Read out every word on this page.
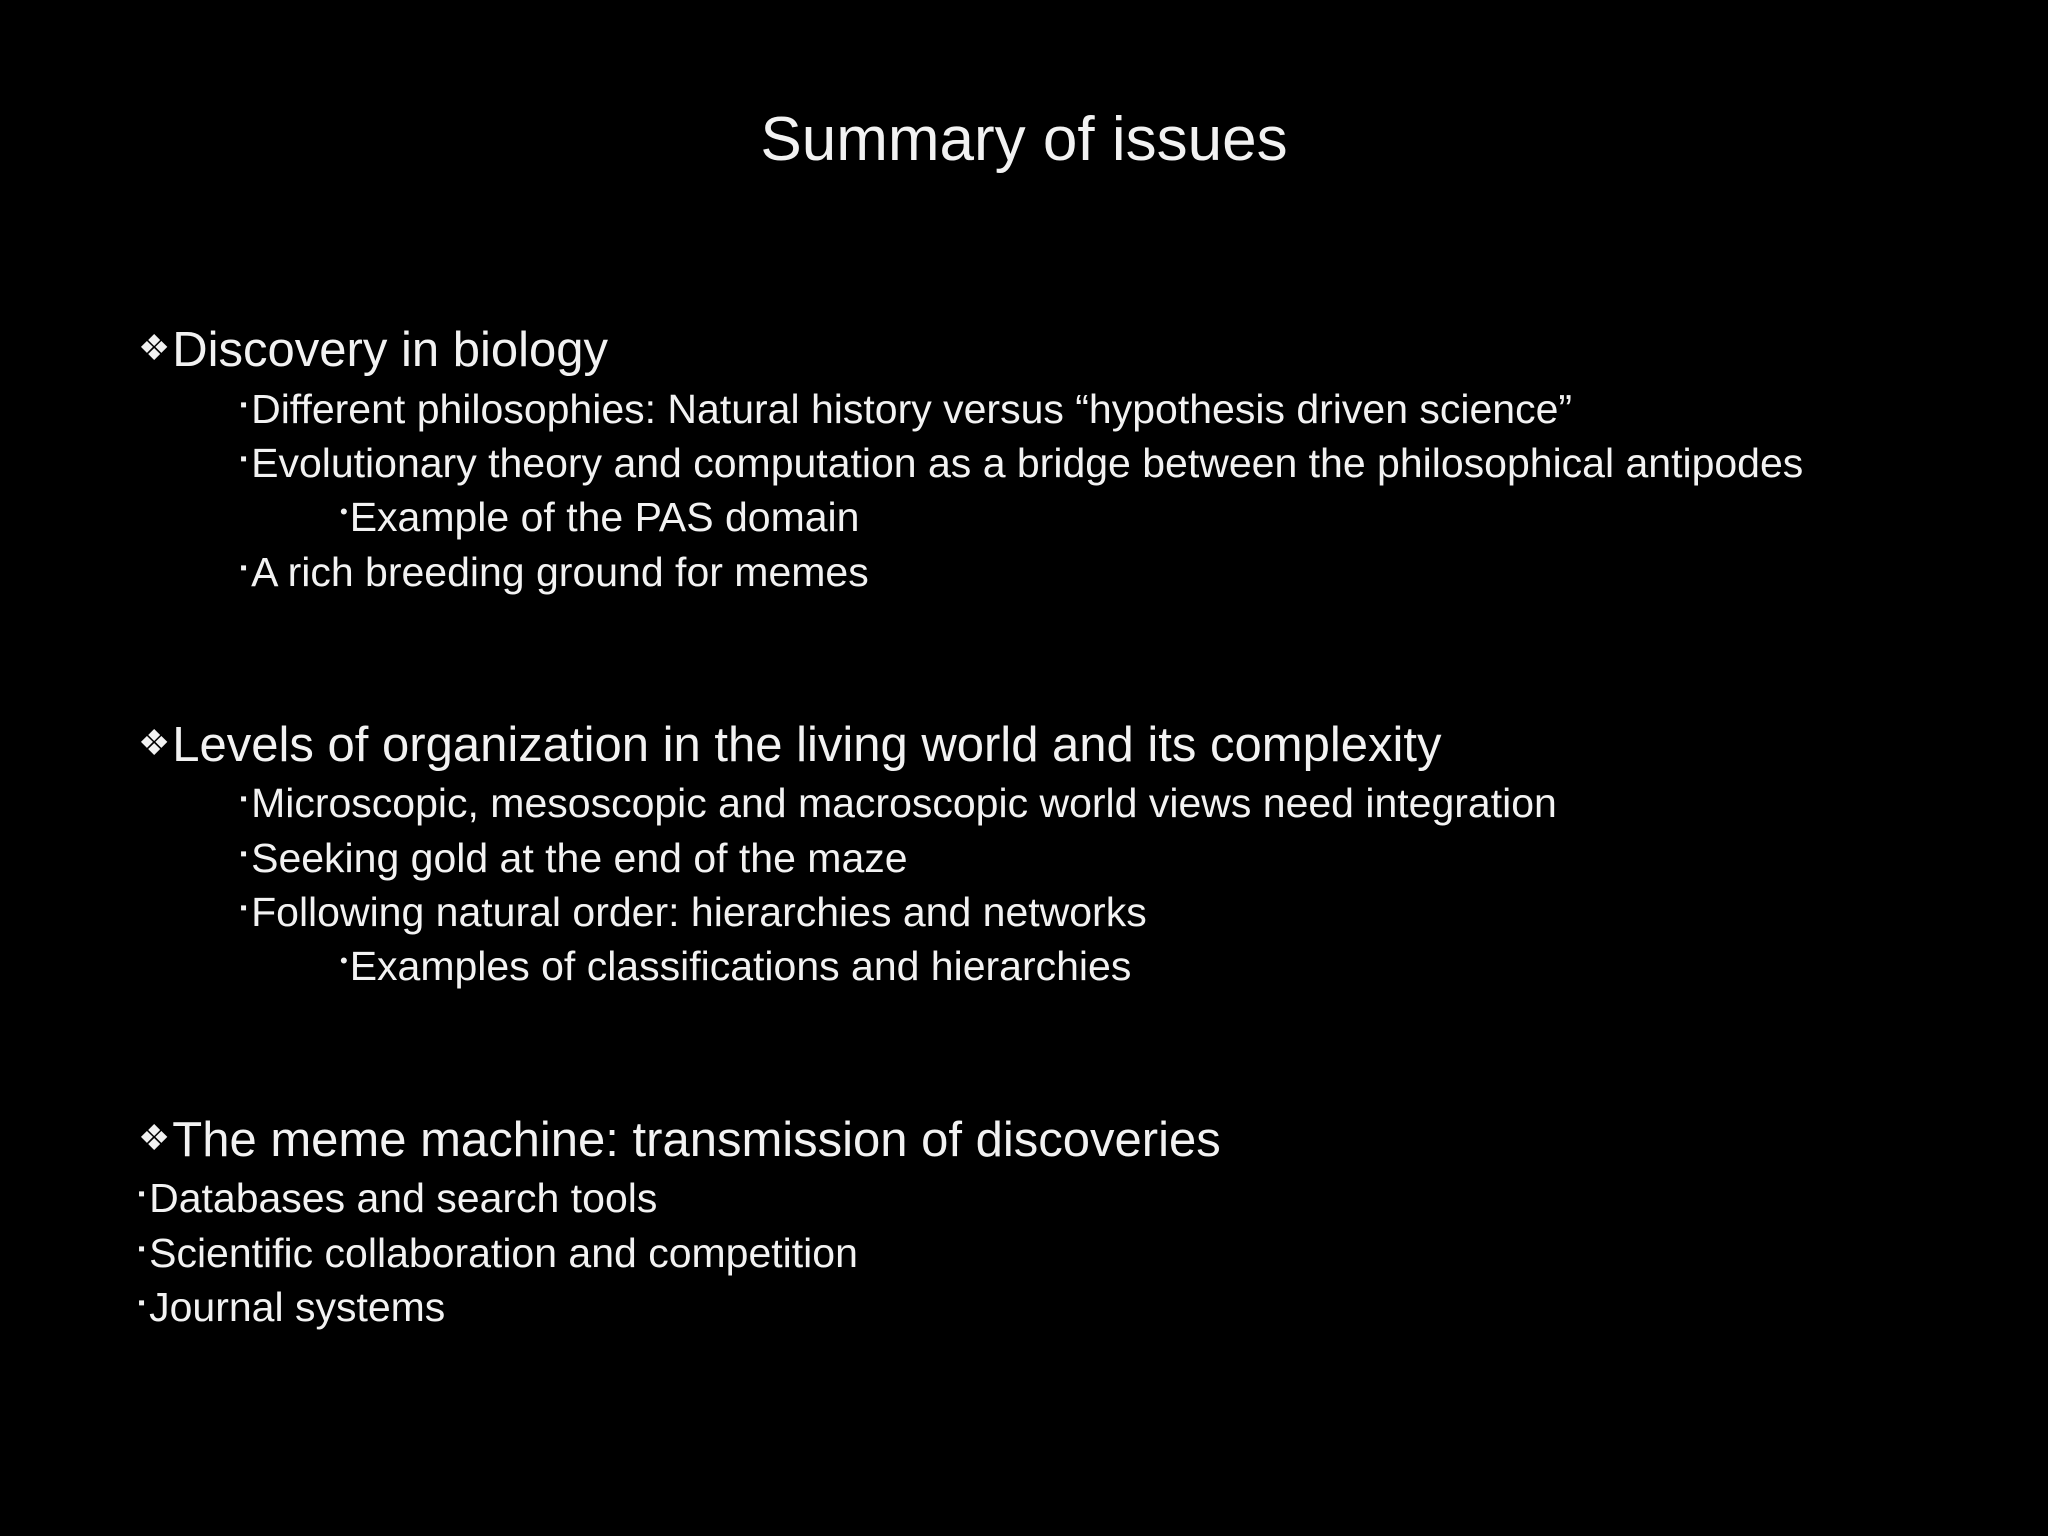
Summary of issues
❖Discovery in biology
▪Different philosophies: Natural history versus “hypothesis driven science”
▪Evolutionary theory and computation as a bridge between the philosophical antipodes
•Example of the PAS domain
▪A rich breeding ground for memes
❖Levels of organization in the living world and its complexity
▪Microscopic, mesoscopic and macroscopic world views need integration
▪Seeking gold at the end of the maze
▪Following natural order: hierarchies and networks
•Examples of classifications and hierarchies
❖The meme machine: transmission of discoveries
▪Databases and search tools
▪Scientific collaboration and competition
▪Journal systems
